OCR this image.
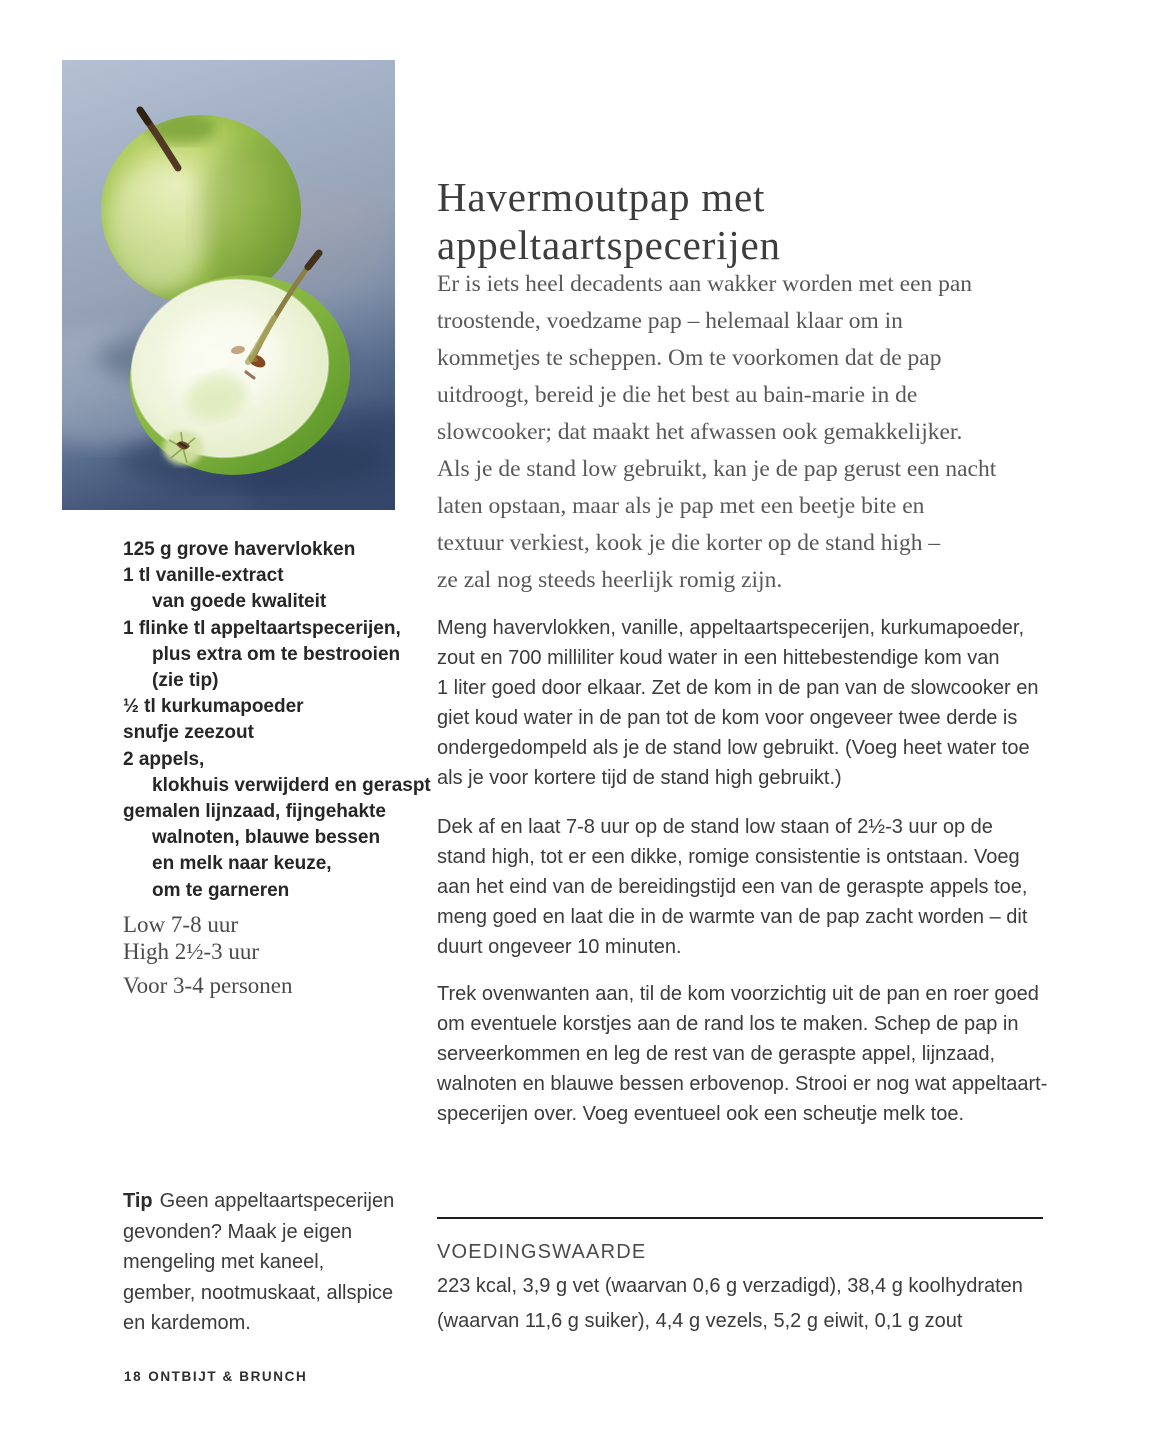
Havermoutpap met
appeltaartspecerijen
Er is iets heel decadents aan wakker worden met een pan
troostende, voedzame pap – helemaal klaar om in
kommetjes te scheppen. Om te voorkomen dat de pap
uitdroogt, bereid je die het best au bain-marie in de
slowcooker; dat maakt het afwassen ook gemakkelijker.
Als je de stand low gebruikt, kan je de pap gerust een nacht
laten opstaan, maar als je pap met een beetje bite en
textuur verkiest, kook je die korter op de stand high –
ze zal nog steeds heerlijk romig zijn.
125 g grove havervlokken
1 tl vanille-extract
van goede kwaliteit
1 flinke tl appeltaartspecerijen,
plus extra om te bestrooien
(zie tip)
½ tl kurkumapoeder
snufje zeezout
2 appels,
klokhuis verwijderd en geraspt
gemalen lijnzaad, fijngehakte
walnoten, blauwe bessen
en melk naar keuze,
om te garneren
Low 7-8 uur
High 2½-3 uur
Voor 3-4 personen
Meng havervlokken, vanille, appeltaartspecerijen, kurkumapoeder,
zout en 700 milliliter koud water in een hittebestendige kom van
1 liter goed door elkaar. Zet de kom in de pan van de slowcooker en
giet koud water in de pan tot de kom voor ongeveer twee derde is
ondergedompeld als je de stand low gebruikt. (Voeg heet water toe
als je voor kortere tijd de stand high gebruikt.)
Dek af en laat 7-8 uur op de stand low staan of 2½-3 uur op de
stand high, tot er een dikke, romige consistentie is ontstaan. Voeg
aan het eind van de bereidingstijd een van de geraspte appels toe,
meng goed en laat die in de warmte van de pap zacht worden – dit
duurt ongeveer 10 minuten.
Trek ovenwanten aan, til de kom voorzichtig uit de pan en roer goed
om eventuele korstjes aan de rand los te maken. Schep de pap in
serveerkommen en leg de rest van de geraspte appel, lijnzaad,
walnoten en blauwe bessen erbovenop. Strooi er nog wat appeltaart-
specerijen over. Voeg eventueel ook een scheutje melk toe.
Tip Geen appeltaartspecerijen
gevonden? Maak je eigen
mengeling met kaneel,
gember, nootmuskaat, allspice
en kardemom.
VOEDINGSWAARDE
223 kcal, 3,9 g vet (waarvan 0,6 g verzadigd), 38,4 g koolhydraten
(waarvan 11,6 g suiker), 4,4 g vezels, 5,2 g eiwit, 0,1 g zout
18 ONTBIJT & BRUNCH
